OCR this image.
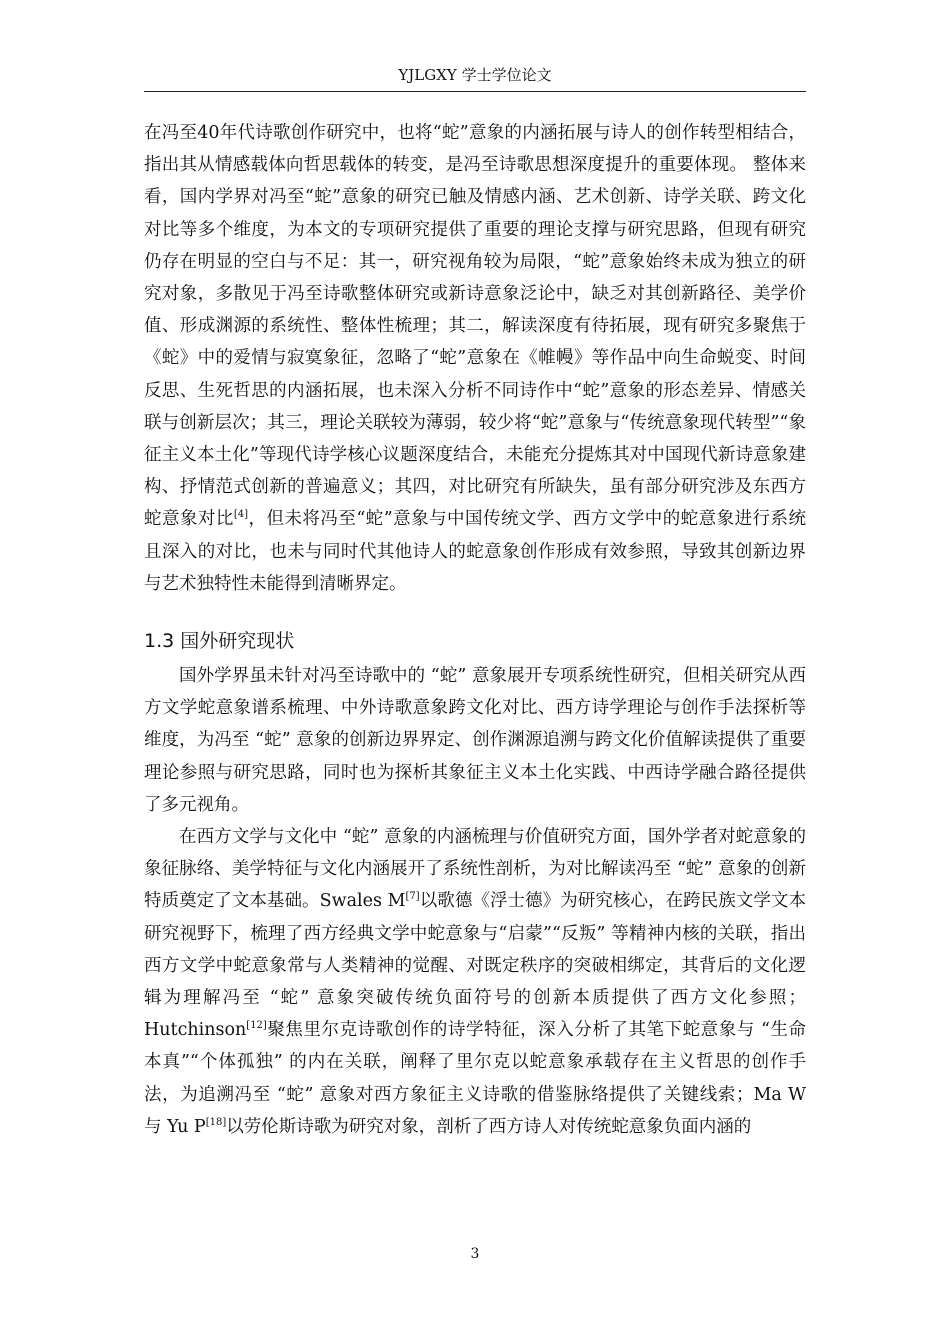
YJLGXY 学士学位论文

在冯至40年代诗歌创作研究中，也将“蛇”意象的内涵拓展与诗人的创作转型相结合，指出其从情感载体向哲思载体的转变，是冯至诗歌思想深度提升的重要体现。 整体来看，国内学界对冯至“蛇”意象的研究已触及情感内涵、艺术创新、诗学关联、跨文化对比等多个维度，为本文的专项研究提供了重要的理论支撑与研究思路，但现有研究仍存在明显的空白与不足：其一，研究视角较为局限，“蛇”意象始终未成为独立的研究对象，多散见于冯至诗歌整体研究或新诗意象泛论中，缺乏对其创新路径、美学价值、形成渊源的系统性、整体性梳理；其二，解读深度有待拓展，现有研究多聚焦于《蛇》中的爱情与寂寞象征，忽略了“蛇”意象在《帷幔》等作品中向生命蜕变、时间反思、生死哲思的内涵拓展，也未深入分析不同诗作中“蛇”意象的形态差异、情感关联与创新层次；其三，理论关联较为薄弱，较少将“蛇”意象与“传统意象现代转型”“象征主义本土化”等现代诗学核心议题深度结合，未能充分提炼其对中国现代新诗意象建构、抒情范式创新的普遍意义；其四，对比研究有所缺失，虽有部分研究涉及东西方蛇意象对比[4]，但未将冯至“蛇”意象与中国传统文学、西方文学中的蛇意象进行系统且深入的对比，也未与同时代其他诗人的蛇意象创作形成有效参照，导致其创新边界与艺术独特性未能得到清晰界定。

1.3 国外研究现状

国外学界虽未针对冯至诗歌中的 “蛇” 意象展开专项系统性研究，但相关研究从西方文学蛇意象谱系梳理、中外诗歌意象跨文化对比、西方诗学理论与创作手法探析等维度，为冯至 “蛇” 意象的创新边界界定、创作渊源追溯与跨文化价值解读提供了重要理论参照与研究思路，同时也为探析其象征主义本土化实践、中西诗学融合路径提供了多元视角。

在西方文学与文化中 “蛇” 意象的内涵梳理与价值研究方面，国外学者对蛇意象的象征脉络、美学特征与文化内涵展开了系统性剖析，为对比解读冯至 “蛇” 意象的创新特质奠定了文本基础。Swales M[7]以歌德《浮士德》为研究核心，在跨民族文学文本研究视野下，梳理了西方经典文学中蛇意象与“启蒙”“反叛” 等精神内核的关联，指出西方文学中蛇意象常与人类精神的觉醒、对既定秩序的突破相绑定，其背后的文化逻辑为理解冯至 “蛇” 意象突破传统负面符号的创新本质提供了西方文化参照；Hutchinson[12]聚焦里尔克诗歌创作的诗学特征，深入分析了其笔下蛇意象与 “生命本真”“个体孤独” 的内在关联，阐释了里尔克以蛇意象承载存在主义哲思的创作手法，为追溯冯至 “蛇” 意象对西方象征主义诗歌的借鉴脉络提供了关键线索；Ma W 与 Yu P[18]以劳伦斯诗歌为研究对象，剖析了西方诗人对传统蛇意象负面内涵的

3
